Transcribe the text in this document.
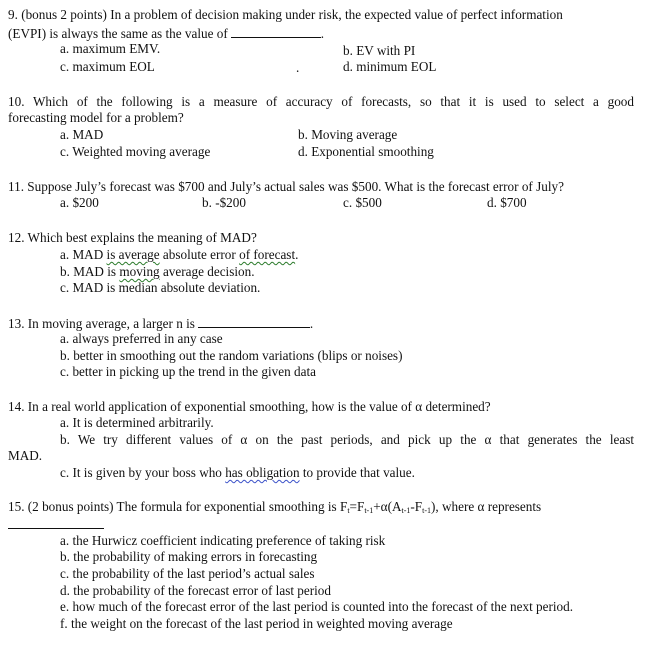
9. (bonus 2 points) In a problem of decision making under risk, the expected value of perfect information
(EVPI) is always the same as the value of	.
a. maximum EMV.	b. EV with PI
c. maximum EOL	.	d. minimum EOL
10. Which of the following is a measure of accuracy of forecasts, so that it is used to select a good
forecasting model for a problem?
a. MAD	b. Moving average
c. Weighted moving average	d. Exponential smoothing
11. Suppose July’s forecast was $700 and July’s actual sales was $500. What is the forecast error of July?
a. $200	b. -$200	c. $500	d. $700
12. Which best explains the meaning of MAD?
a. MAD is average absolute error of forecast.
b. MAD is moving average decision.
c. MAD is median absolute deviation.
13. In moving average, a larger n is	.
a. always preferred in any case
b. better in smoothing out the random variations (blips or noises)
c. better in picking up the trend in the given data
14. In a real world application of exponential smoothing, how is the value of α determined?
a. It is determined arbitrarily.
b. We try different values of α on the past periods, and pick up the α that generates the least
MAD.
c. It is given by your boss who has obligation to provide that value.
15. (2 bonus points) The formula for exponential smoothing is $F_t=F_{t-1}+\alpha(A_{t-1}-F_{t-1})$, where α represents
a. the Hurwicz coefficient indicating preference of taking risk
b. the probability of making errors in forecasting
c. the probability of the last period’s actual sales
d. the probability of the forecast error of last period
e. how much of the forecast error of the last period is counted into the forecast of the next period.
f. the weight on the forecast of the last period in weighted moving average
